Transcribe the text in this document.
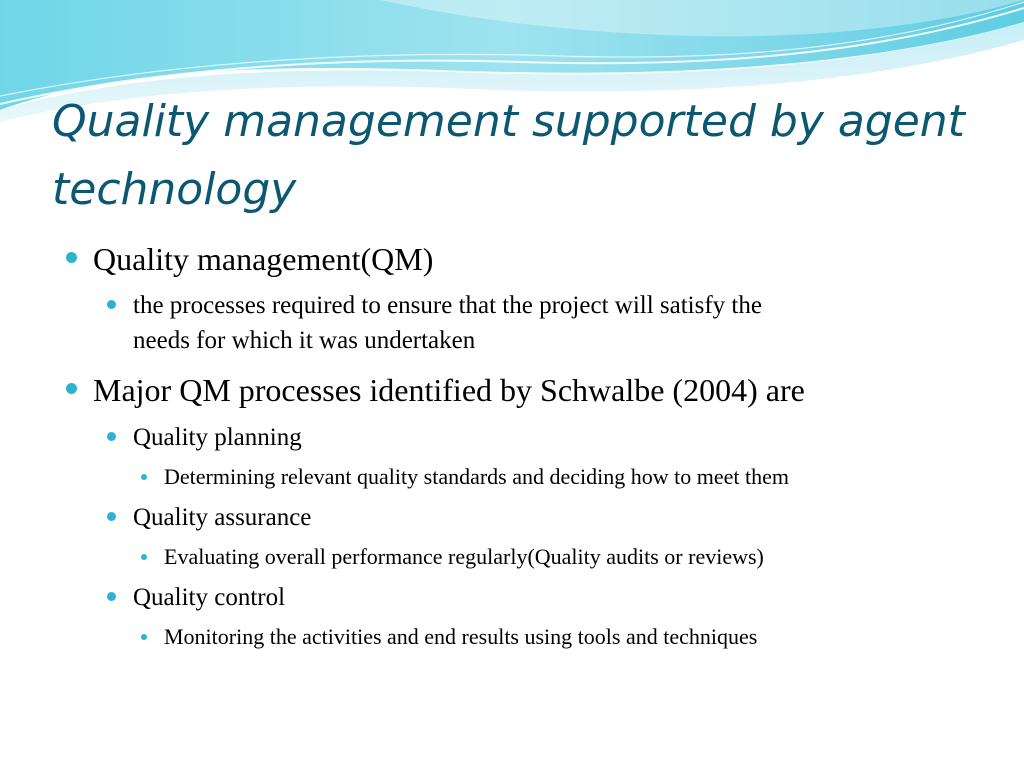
Quality management supported by agent technology
Quality management(QM)
the processes required to ensure that the project will satisfy the
needs for which it was undertaken
Major QM processes identified by Schwalbe (2004) are
Quality planning
Determining relevant quality standards and deciding how to meet them
Quality assurance
Evaluating overall performance regularly(Quality audits or reviews)
Quality control
Monitoring the activities and end results using tools and techniques
